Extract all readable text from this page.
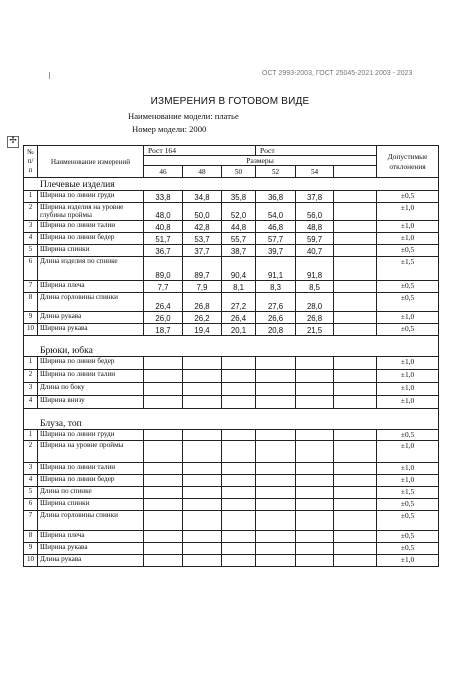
ОСТ 2993-2003, ГОСТ 25045-2021 2003 - 2023
ИЗМЕРЕНИЯ В ГОТОВОМ ВИДЕ
Наименование модели: платье
Номер модели: 2000
✢
№ п/ п	Наименование измерений	Рост 164			Рост			Допустимые отклонения
		Размеры						
		46	48	50	52	54		
Плечевые изделия								
1	Ширина по линии груди	33,8	34,8	35,8	36,8	37,8		±0,5
2	Ширина изделия на уровне глубины проймы	48,0	50,0	52,0	54,0	56,0		±1,0
3	Ширина по линии талии	40,8	42,8	44,8	46,8	48,8		±1,0
4	Ширина по линии бедер	51,7	53,7	55,7	57,7	59,7		±1,0
5	Ширина спинки	36,7	37,7	38,7	39,7	40,7		±0,5
6	Длина изделия по спинке	89,0	89,7	90,4	91,1	91,8		±1,5
7	Ширина плеча	7,7	7,9	8,1	8,3	8,5		±0,5
8	Длина горловины спинки	26,4	26,8	27,2	27,6	28,0		±0,5
9	Длина рукава	26,0	26,2	26,4	26,6	26,8		±1,0
10	Ширина рукава	18,7	19,4	20,1	20,8	21,5		±0,5
Брюки, юбка								
1	Ширина по линии бедер							±1,0
2	Ширина по линии талии							±1,0
3	Длина по боку							±1,0
4	Ширина внизу							±1,0
Блуза, топ								
1	Ширина по линии груди							±0,5
2	Ширина на уровне проймы							±1,0
3	Ширина по линии талии							±1,0
4	Ширина по линии бедер							±1,0
5	Длина по спинке							±1,5
6	Ширина спинки							±0,5
7	Длина горловины спинки							±0,5
8	Ширина плеча							±0,5
9	Ширина рукава							±0,5
10	Длина рукава							±1,0
